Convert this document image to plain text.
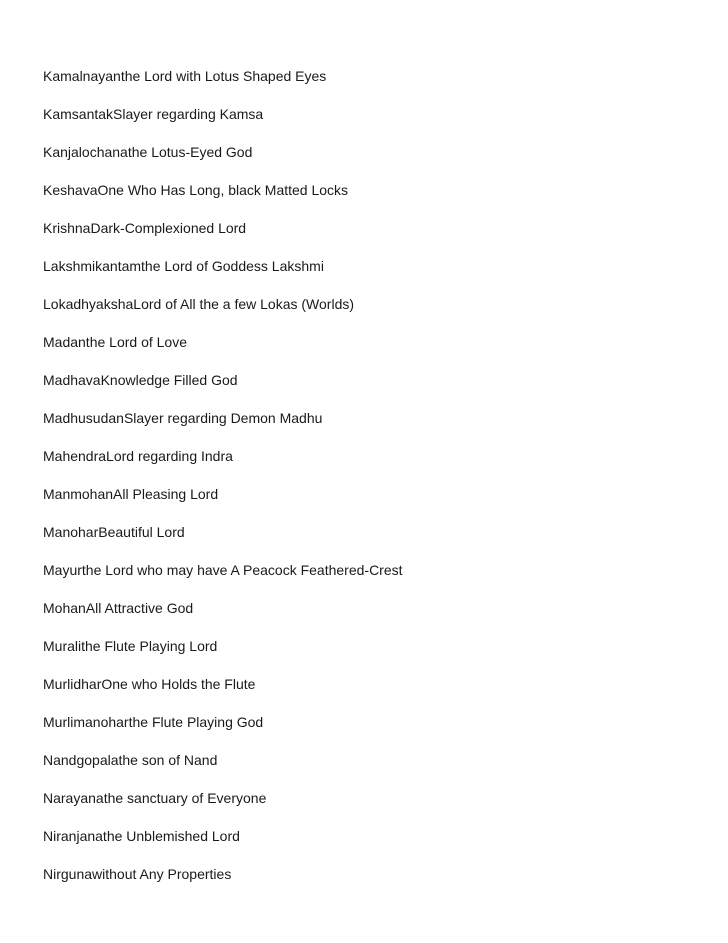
Kamalnayanthe Lord with Lotus Shaped Eyes
KamsantakSlayer regarding Kamsa
Kanjalochanathe Lotus-Eyed God
KeshavaOne Who Has Long, black Matted Locks
KrishnaDark-Complexioned Lord
Lakshmikantamthe Lord of Goddess Lakshmi
LokadhyakshaLord of All the a few Lokas (Worlds)
Madanthe Lord of Love
MadhavaKnowledge Filled God
MadhusudanSlayer regarding Demon Madhu
MahendraLord regarding Indra
ManmohanAll Pleasing Lord
ManoharBeautiful Lord
Mayurthe Lord who may have A Peacock Feathered-Crest
MohanAll Attractive God
Muralithe Flute Playing Lord
MurlidharOne who Holds the Flute
Murlimanoharthe Flute Playing God
Nandgopalathe son of Nand
Narayanathe sanctuary of Everyone
Niranjanathe Unblemished Lord
Nirgunawithout Any Properties
